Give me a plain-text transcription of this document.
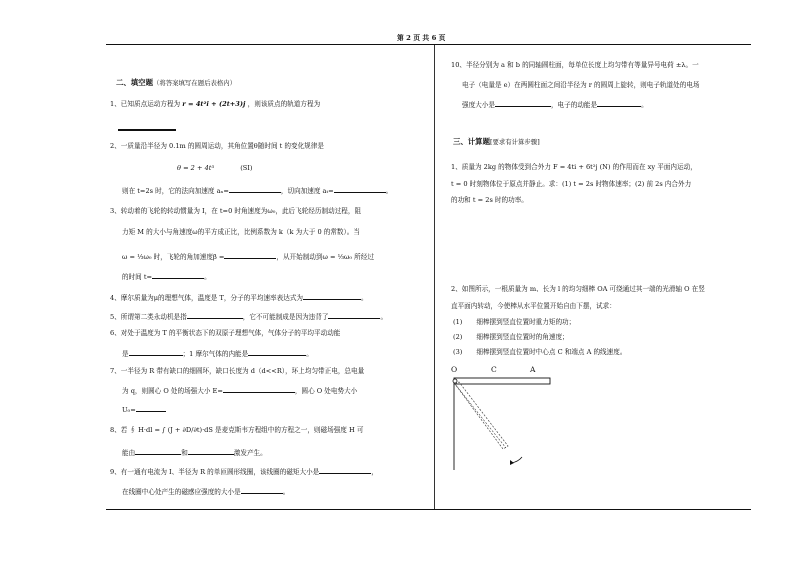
第 2 页 共 6 页
二、填空题（将答案填写在题后表格内）
1、已知质点运动方程为 r = 4t²i + (2t+3)j ，则该质点的轨道方程为
2、一质量沿半径为 0.1m 的圆周运动，其角位置θ随时间 t 的变化规律是
θ = 2 + 4t³	(SI)
则在 t=2s 时，它的法向加速度 aₙ=	，切向加速度 aₜ=	。
3、转动着的飞轮的转动惯量为 I，在 t=0 时角速度为ω₀，此后飞轮经历制动过程，阻
力矩 M 的大小与角速度ω的平方成正比，比例系数为 k（k 为大于 0 的常数）。当
ω = ⅓ω₀ 时，飞轮的角加速度β =	，从开始制动到ω = ⅓ω₀ 所经过
的时间 t=	。
4、摩尔质量为μ的理想气体，温度是 T，分子的平均速率表达式为	。
5、所谓第二类永动机是指	，它不可能制成是因为违背了	。
6、对处于温度为 T 的平衡状态下的双原子理想气体，气体分子的平均平动动能
是	；1 摩尔气体的内能是	。
7、一半径为 R 带有缺口的细圆环，缺口长度为 d（d<<R），环上均匀带正电，总电量
为 q，则圆心 O 处的场强大小 E=	，圆心 O 处电势大小
U₀=
8、若 ∮ H·dl = ∫ (J + ∂D/∂t)·dS 是麦克斯韦方程组中的方程之一，则磁场强度 H 可
能由	和	激发产生。
9、有一通有电流为 I、半径为 R 的单匝圆形线圈，该线圈的磁矩大小是	，
在线圈中心处产生的磁感应强度的大小是	。
10、半径分别为 a 和 b 的同轴圆柱面，每单位长度上均匀带有等量异号电荷 ±λ。一
电子（电量是 e）在两圆柱面之间沿半径为 r 的圆周上旋转，则电子轨道处的电场
强度大小是	，电子的动能是	。
三、计算题[要求有计算步骤]
1、质量为 2kg 的物体受到合外力 F = 4ti + 6t²j (N) 的作用而在 xy 平面内运动，
t = 0 时刻物体位于原点并静止。求：(1) t = 2s 时物体速率；(2) 前 2s 内合外力
的功和 t = 2s 时的功率。
2、如图所示，一根质量为 m、长为 l 的均匀细棒 OA 可绕通过其一端的光滑轴 O 在竖
直平面内转动，今使棒从水平位置开始自由下摆，试求：
(1) 细棒摆到竖直位置时重力矩的功；
(2) 细棒摆到竖直位置时的角速度；
(3) 细棒摆到竖直位置时中心点 C 和端点 A 的线速度。
O	C	A
